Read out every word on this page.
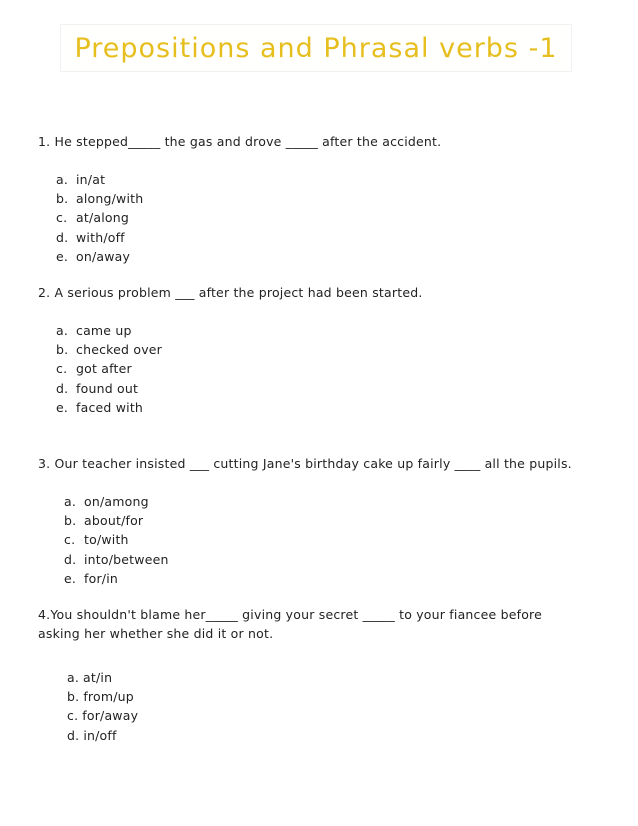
Prepositions and Phrasal verbs -1
1. He stepped_____ the gas and drove _____ after the accident.
a. in/at
b. along/with
c. at/along
d. with/off
e. on/away
2. A serious problem ___ after the project had been started.
a. came up
b. checked over
c. got after
d. found out
e. faced with
3. Our teacher insisted ___ cutting Jane's birthday cake up fairly ____ all the pupils.
a. on/among
b. about/for
c. to/with
d. into/between
e. for/in
4.You shouldn't blame her_____ giving your secret _____ to your fiancee before asking her whether she did it or not.
a. at/in
b. from/up
c. for/away
d. in/off
